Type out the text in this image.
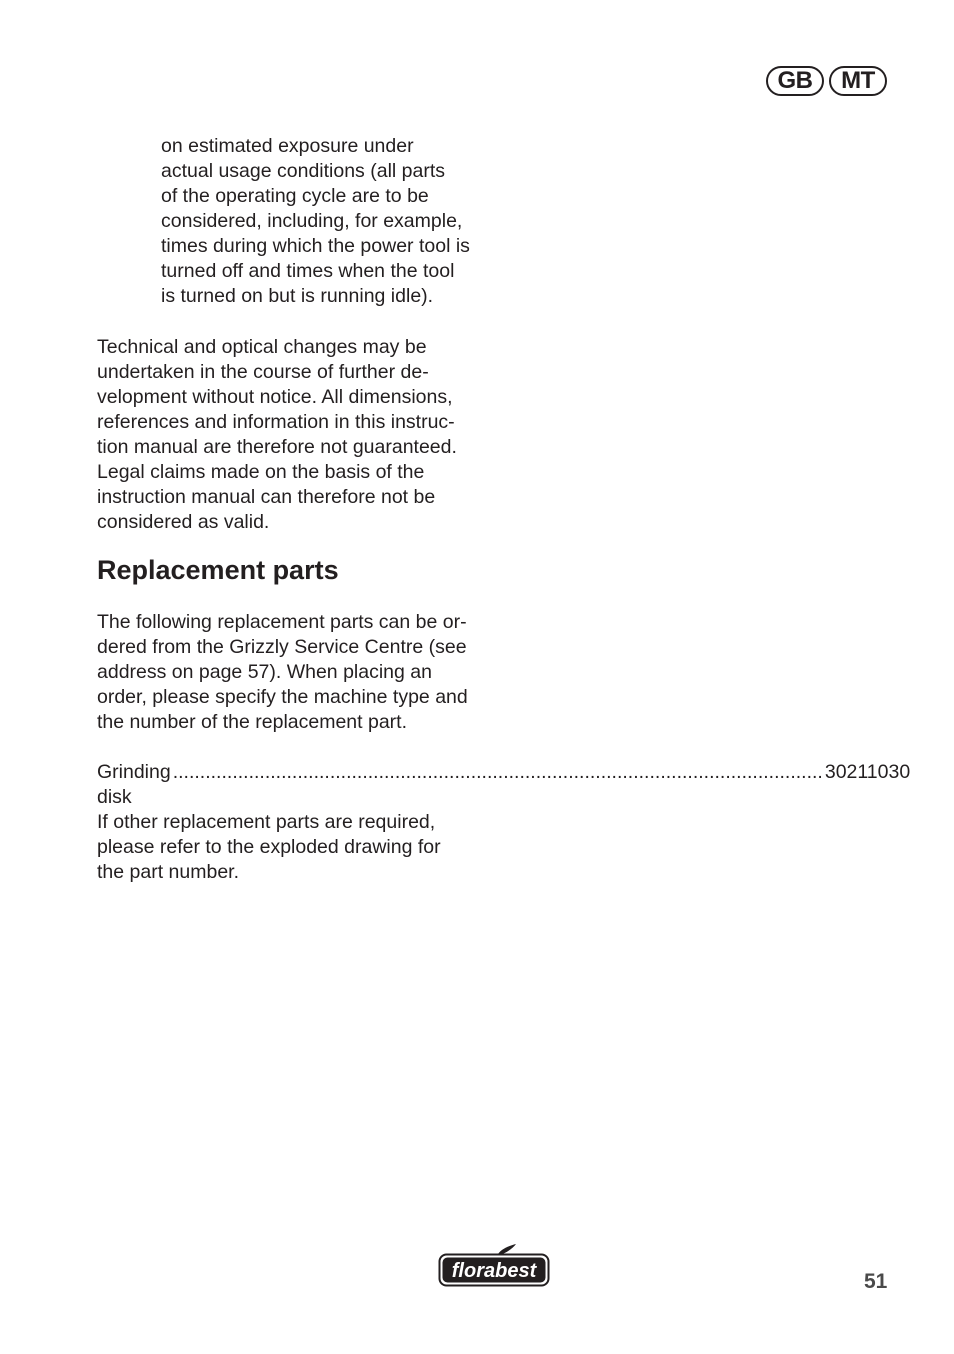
GB	MT

on estimated exposure under
actual usage conditions (all parts
of the operating cycle are to be
considered, including, for example,
times during which the power tool is
turned off and times when the tool
is turned on but is running idle).

Technical and optical changes may be
undertaken in the course of further de-
velopment without notice. All dimensions,
references and information in this instruc-
tion manual are therefore not guaranteed.
Legal claims made on the basis of the
instruction manual can therefore not be
considered as valid.

Replacement parts

The following replacement parts can be or-
dered from the Grizzly Service Centre (see
address on page 57). When placing an
order, please specify the machine type and
the number of the replacement part.

Grinding disk
........................................................................................................................ 30211030

If other replacement parts are required,
please refer to the exploded drawing for
the part number.

florabest	51
